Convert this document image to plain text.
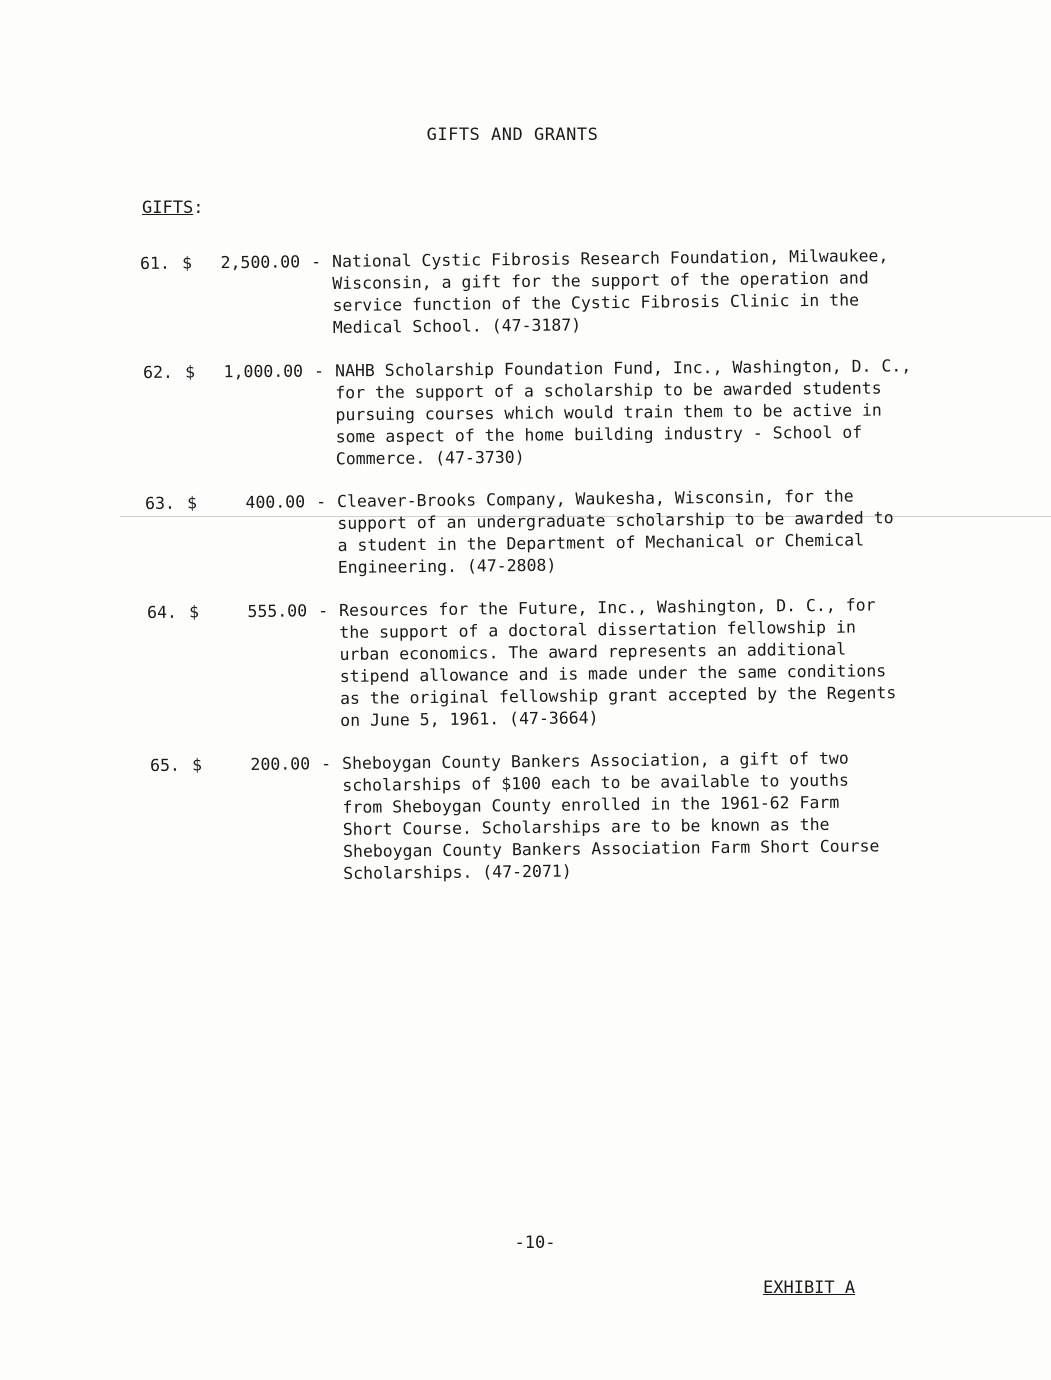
GIFTS AND GRANTS
GIFTS:
61. $	2,500.00 - National Cystic Fibrosis Research Foundation, Milwaukee,
Wisconsin, a gift for the support of the operation and
service function of the Cystic Fibrosis Clinic in the
Medical School. (47-3187)
62. $	1,000.00 - NAHB Scholarship Foundation Fund, Inc., Washington, D. C.,
for the support of a scholarship to be awarded students
pursuing courses which would train them to be active in
some aspect of the home building industry - School of
Commerce. (47-3730)
63. $	400.00 - Cleaver-Brooks Company, Waukesha, Wisconsin, for the
support of an undergraduate scholarship to be awarded to
a student in the Department of Mechanical or Chemical
Engineering. (47-2808)
64. $	555.00 - Resources for the Future, Inc., Washington, D. C., for
the support of a doctoral dissertation fellowship in
urban economics. The award represents an additional
stipend allowance and is made under the same conditions
as the original fellowship grant accepted by the Regents
on June 5, 1961. (47-3664)
65. $	200.00 - Sheboygan County Bankers Association, a gift of two
scholarships of $100 each to be available to youths
from Sheboygan County enrolled in the 1961-62 Farm
Short Course. Scholarships are to be known as the
Sheboygan County Bankers Association Farm Short Course
Scholarships. (47-2071)
-10-
EXHIBIT A
